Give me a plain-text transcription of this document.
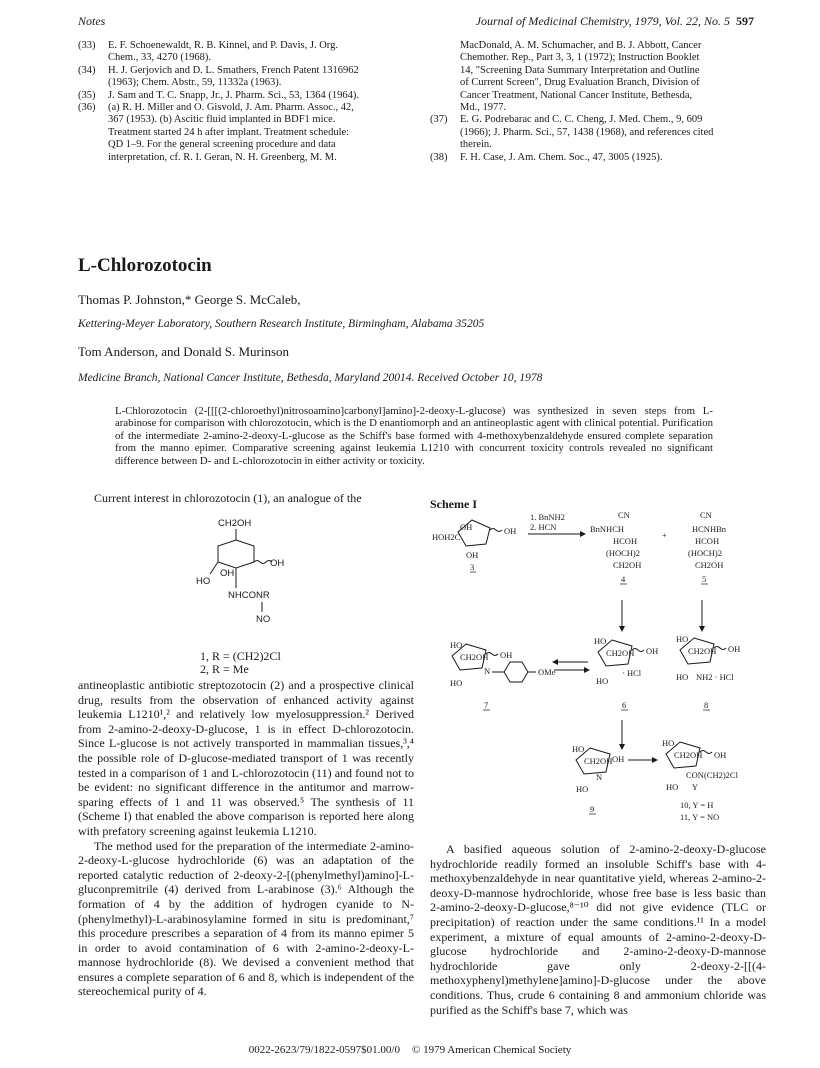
Notes	Journal of Medicinal Chemistry, 1979, Vol. 22, No. 5 597
(33)	E. F. Schoenewaldt, R. B. Kinnel, and P. Davis, J. Org.
Chem., 33, 4270 (1968).
(34)	H. J. Gerjovich and D. L. Smathers, French Patent 1316962
(1963); Chem. Abstr., 59, 11332a (1963).
(35)	J. Sam and T. C. Snapp, Jr., J. Pharm. Sci., 53, 1364 (1964).
(36)	(a) R. H. Miller and O. Gisvold, J. Am. Pharm. Assoc., 42,
367 (1953). (b) Ascitic fluid implanted in BDF1 mice.
Treatment started 24 h after implant. Treatment schedule:
QD 1–9. For the general screening procedure and data
interpretation, cf. R. I. Geran, N. H. Greenberg, M. M.
MacDonald, A. M. Schumacher, and B. J. Abbott, Cancer
Chemother. Rep., Part 3, 3, 1 (1972); Instruction Booklet
14, "Screening Data Summary Interpretation and Outline
of Current Screen", Drug Evaluation Branch, Division of
Cancer Treatment, National Cancer Institute, Bethesda,
Md., 1977.
(37)	E. G. Podrebarac and C. C. Cheng, J. Med. Chem., 9, 609
(1966); J. Pharm. Sci., 57, 1438 (1968), and references cited
therein.
(38)	F. H. Case, J. Am. Chem. Soc., 47, 3005 (1925).
L-Chlorozotocin
Thomas P. Johnston,* George S. McCaleb,
Kettering-Meyer Laboratory, Southern Research Institute, Birmingham, Alabama 35205
Tom Anderson, and Donald S. Murinson
Medicine Branch, National Cancer Institute, Bethesda, Maryland 20014. Received October 10, 1978
L-Chlorozotocin (2-[[[(2-chloroethyl)nitrosoamino]carbonyl]amino]-2-deoxy-L-glucose) was synthesized in seven steps from L-arabinose for comparison with chlorozotocin, which is the D enantiomorph and an antineoplastic agent with clinical potential. Purification of the intermediate 2-amino-2-deoxy-L-glucose as the Schiff's base formed with 4-methoxybenzaldehyde ensured complete separation from the manno epimer. Comparative screening against leukemia L1210 with concurrent toxicity controls revealed no significant difference between D- and L-chlorozotocin in either activity or toxicity.

Current interest in chlorozotocin (1), an analogue of the

CH2OH
OH
OH
HO
NHCONR
NO
1, R = (CH2)2Cl
2, R = Me

antineoplastic antibiotic streptozotocin (2) and a prospective clinical drug, results from the observation of enhanced activity against leukemia L1210¹,² and relatively low myelosuppression.² Derived from 2-amino-2-deoxy-D-glucose, 1 is in effect D-chlorozotocin. Since L-glucose is not actively transported in mammalian tissues,³,⁴ the possible role of D-glucose-mediated transport of 1 was recently tested in a comparison of 1 and L-chlorozotocin (11) and found not to be evident: no significant difference in the antitumor and marrow-sparing effects of 1 and 11 was observed.⁵ The synthesis of 11 (Scheme I) that enabled the above comparison is reported here along with prefatory screening against leukemia L1210.

The method used for the preparation of the intermediate 2-amino-2-deoxy-L-glucose hydrochloride (6) was an adaptation of the reported catalytic reduction of 2-deoxy-2-[(phenylmethyl)amino]-L-gluconpremitrile (4) derived from L-arabinose (3).⁶ Although the formation of 4 by the addition of hydrogen cyanide to N-(phenylmethyl)-L-arabinosylamine formed in situ is predominant,⁷ this procedure prescribes a separation of 4 from its manno epimer 5 in order to avoid contamination of 6 with 2-amino-2-deoxy-L-mannose hydrochloride (8). We devised a convenient method that ensures a complete separation of 6 and 8, which is independent of the stereochemical purity of 4.

Scheme I
OH
HOH2C
OH
OH
3
1. BnNH2
2. HCN
CN
BnNHCH
HCOH
(HOCH)2
CH2OH
4
+
CN
HCNHBn
HCOH
(HOCH)2
CH2OH
5
HO
CH2OH OH
N	OMe
HO
7
HO
CH2OH OH
· HCl
HO
6
HO
CH2OH OH
HO NH2 · HCl
8
HO
CH2OH
N
OH
HO
9
HO
CH2OH OH
CON(CH2)2Cl
HO Y
10, Y = H
11, Y = NO

A basified aqueous solution of 2-amino-2-deoxy-D-glucose hydrochloride readily formed an insoluble Schiff's base with 4-methoxybenzaldehyde in near quantitative yield, whereas 2-amino-2-deoxy-D-mannose hydrochloride, whose free base is less basic than 2-amino-2-deoxy-D-glucose,⁸⁻¹⁰ did not give evidence (TLC or precipitation) of reaction under the same conditions.¹¹ In a model experiment, a mixture of equal amounts of 2-amino-2-deoxy-D-glucose hydrochloride and 2-amino-2-deoxy-D-mannose hydrochloride gave only 2-deoxy-2-[[(4-methoxyphenyl)methylene]amino]-D-glucose under the above conditions. Thus, crude 6 containing 8 and ammonium chloride was purified as the Schiff's base 7, which was

0022-2623/79/1822-0597$01.00/0 © 1979 American Chemical Society
